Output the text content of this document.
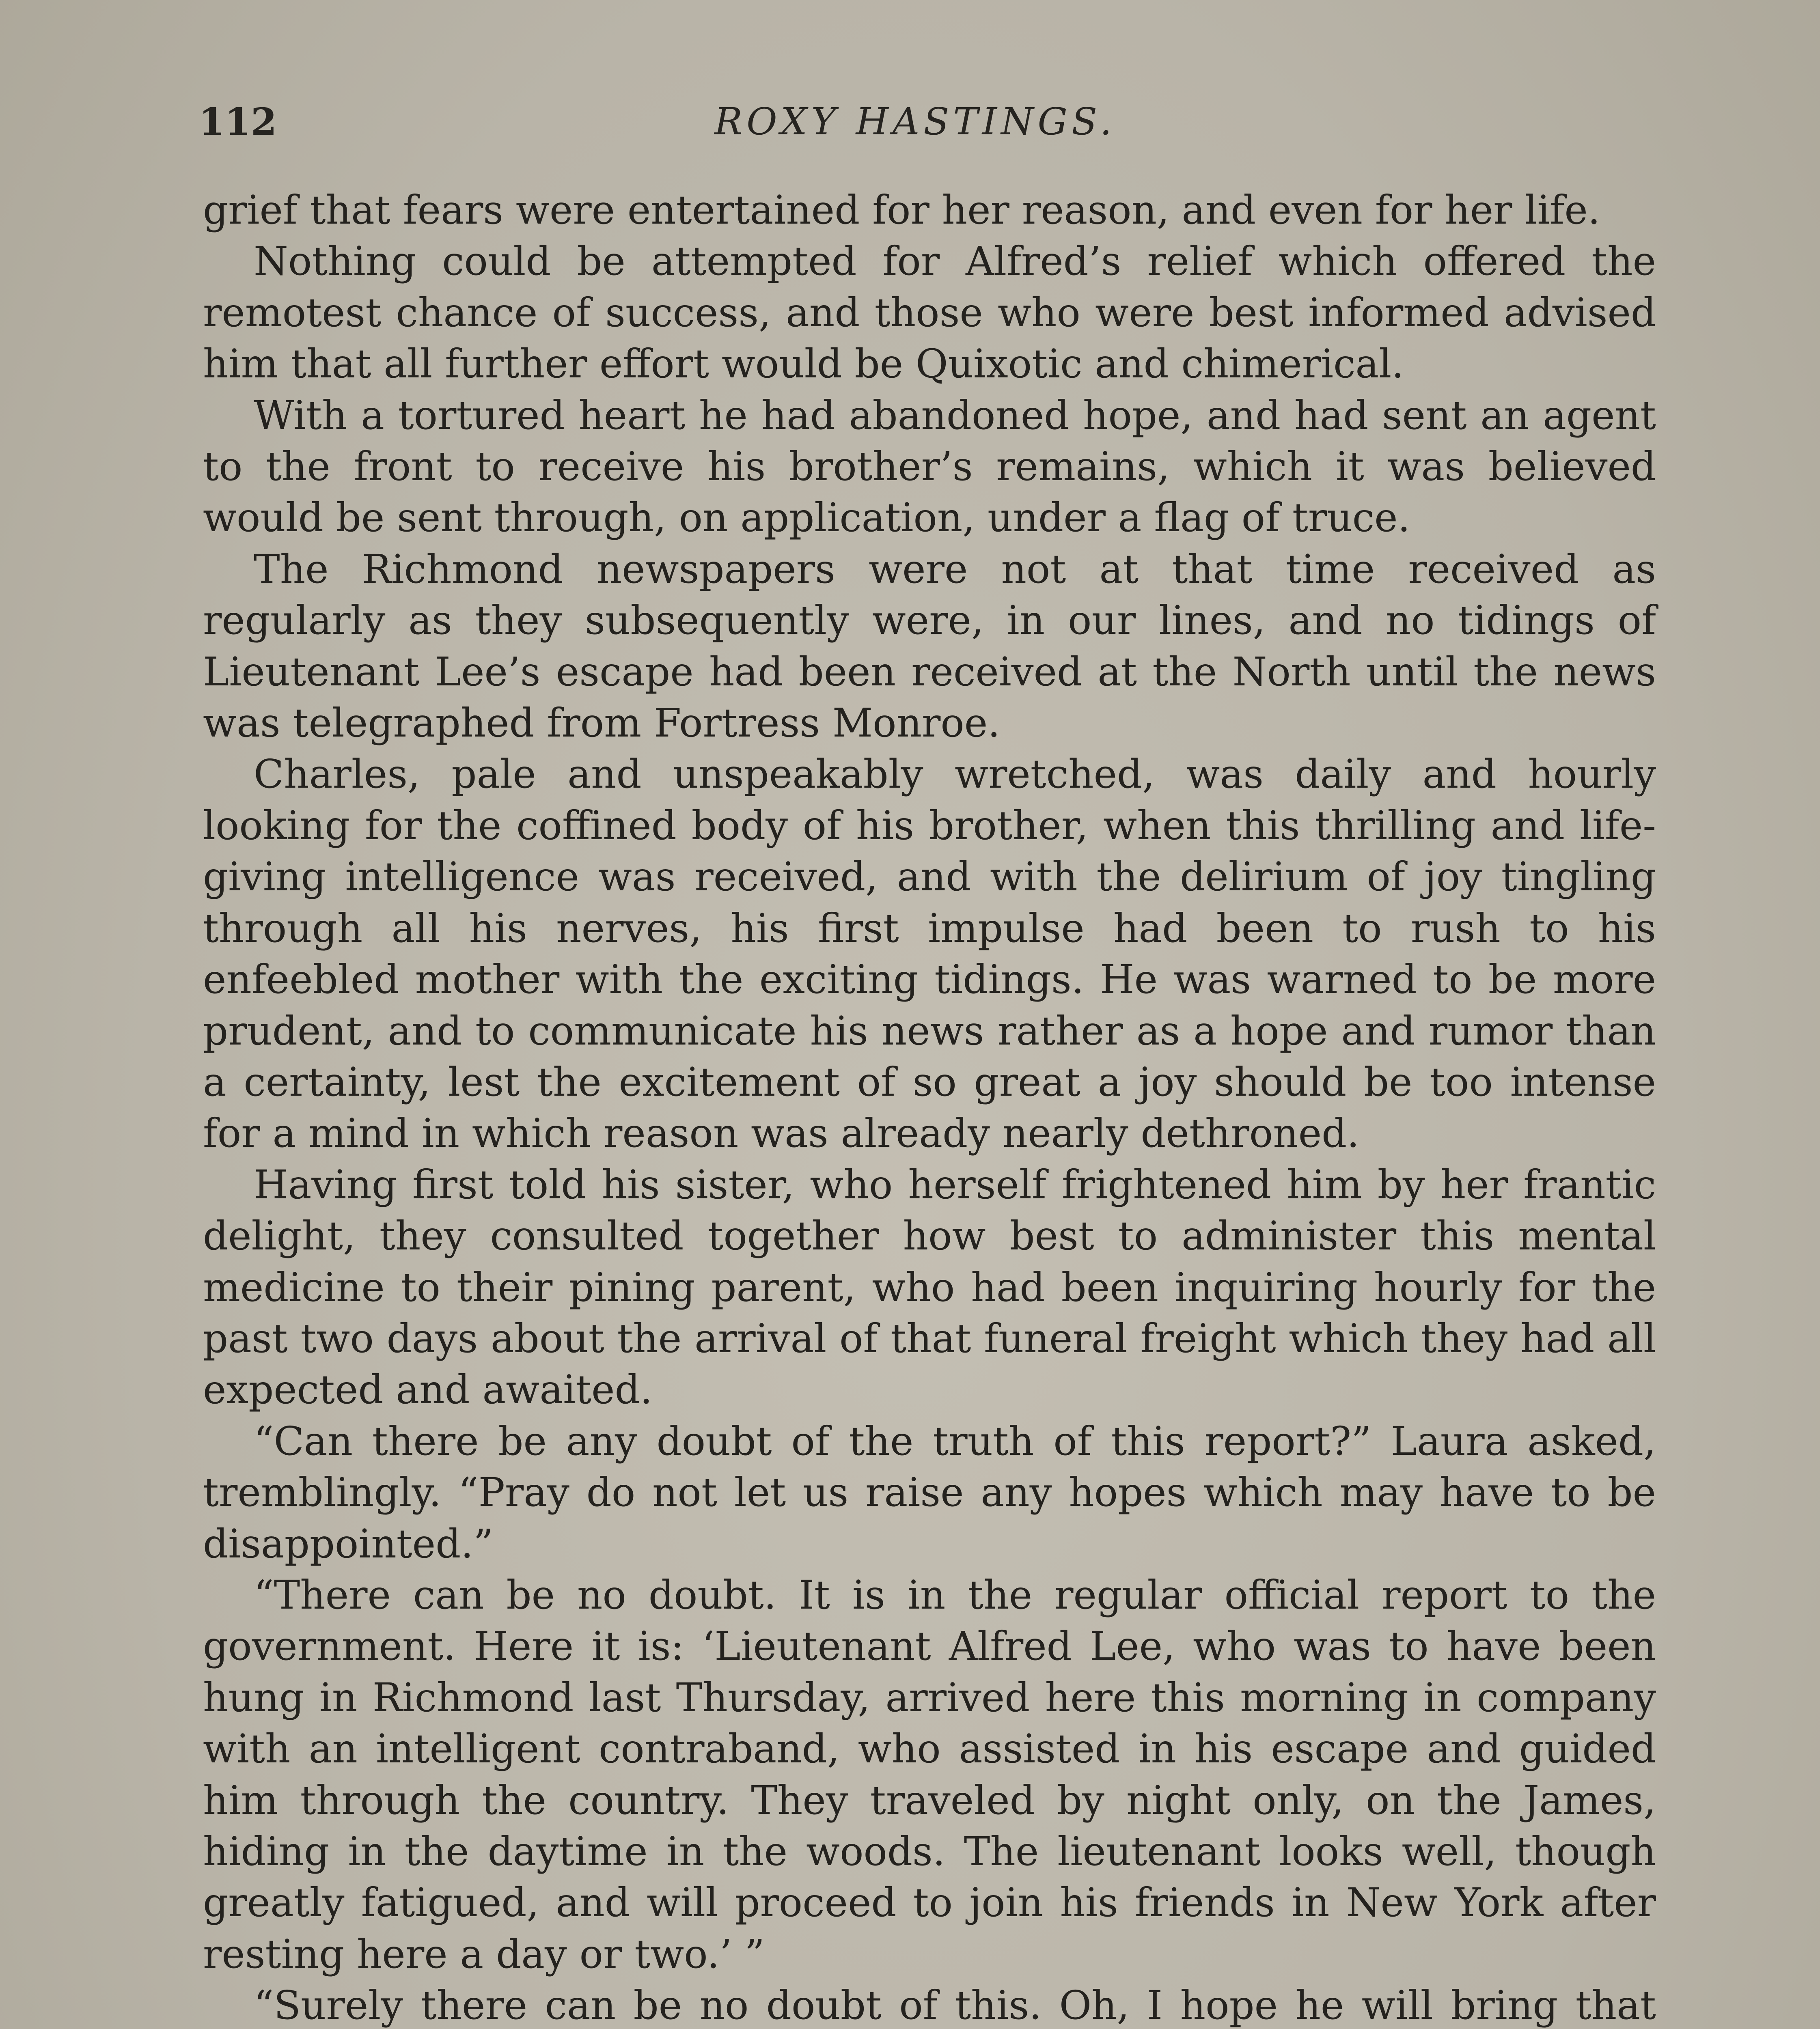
112	ROXY HASTINGS.

grief that fears were entertained for her reason, and even for her life.

Nothing could be attempted for Alfred’s relief which offered the remotest chance of success, and those who were best informed advised him that all further effort would be Quixotic and chimerical.

With a tortured heart he had abandoned hope, and had sent an agent to the front to receive his brother’s remains, which it was believed would be sent through, on application, under a flag of truce.

The Richmond newspapers were not at that time received as regularly as they subsequently were, in our lines, and no tidings of Lieutenant Lee’s escape had been received at the North until the news was telegraphed from Fortress Monroe.

Charles, pale and unspeakably wretched, was daily and hourly looking for the coffined body of his brother, when this thrilling and life-giving intelligence was received, and with the delirium of joy tingling through all his nerves, his first impulse had been to rush to his enfeebled mother with the exciting tidings. He was warned to be more prudent, and to communicate his news rather as a hope and rumor than a certainty, lest the excitement of so great a joy should be too intense for a mind in which reason was already nearly dethroned.

Having first told his sister, who herself frightened him by her frantic delight, they consulted together how best to administer this mental medicine to their pining parent, who had been inquiring hourly for the past two days about the arrival of that funeral freight which they had all expected and awaited.

“Can there be any doubt of the truth of this report?” Laura asked, tremblingly. “Pray do not let us raise any hopes which may have to be disappointed.”

“There can be no doubt. It is in the regular official report to the government. Here it is: ‘Lieutenant Alfred Lee, who was to have been hung in Richmond last Thursday, arrived here this morning in company with an intelligent contraband, who assisted in his escape and guided him through the country. They traveled by night only, on the James, hiding in the daytime in the woods. The lieutenant looks well, though greatly fatigued, and will proceed to join his friends in New York after resting here a day or two.’ ”

“Surely there can be no doubt of this. Oh, I hope he will bring that
